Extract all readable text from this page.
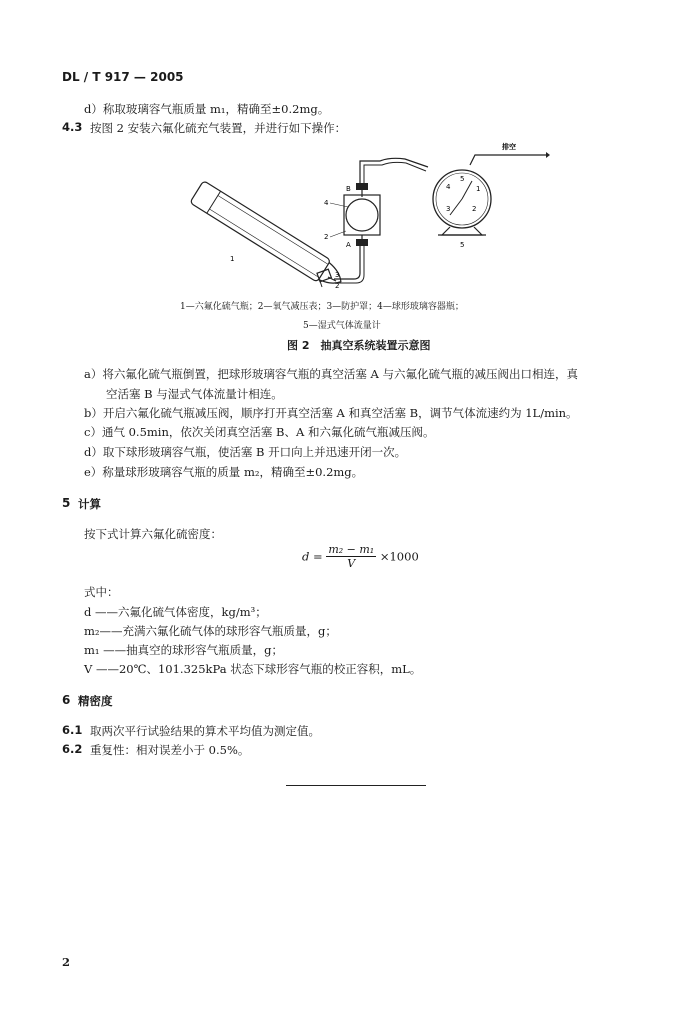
DL / T 917 — 2005
d）称取玻璃容气瓶质量 m₁，精确至±0.2mg。
4.3 按图 2 安装六氟化硫充气装置，并进行如下操作：
排空
B
4
2
A
1
3
2
5
4	1
3	2
5
1—六氟化硫气瓶；2—氧气减压表；3—防护罩；4—球形玻璃容器瓶；
5—湿式气体流量计
图 2　抽真空系统装置示意图
a）将六氟化硫气瓶倒置，把球形玻璃容气瓶的真空活塞 A 与六氟化硫气瓶的减压阀出口相连，真
空活塞 B 与湿式气体流量计相连。
b）开启六氟化硫气瓶减压阀，顺序打开真空活塞 A 和真空活塞 B，调节气体流速约为 1L/min。
c）通气 0.5min，依次关闭真空活塞 B、A 和六氟化硫气瓶减压阀。
d）取下球形玻璃容气瓶，使活塞 B 开口向上并迅速开闭一次。
e）称量球形玻璃容气瓶的质量 m₂，精确至±0.2mg。
5 计算
按下式计算六氟化硫密度：
$d = \frac{\text{m₂ − m₁}}{V} \times 1000$
式中：
d ——六氟化硫气体密度，kg/m³；
m₂——充满六氟化硫气体的球形容气瓶质量，g；
m₁ ——抽真空的球形容气瓶质量，g；
V ——20℃、101.325kPa 状态下球形容气瓶的校正容积，mL。
6 精密度
6.1 取两次平行试验结果的算术平均值为测定值。
6.2 重复性：相对误差小于 0.5%。
2
